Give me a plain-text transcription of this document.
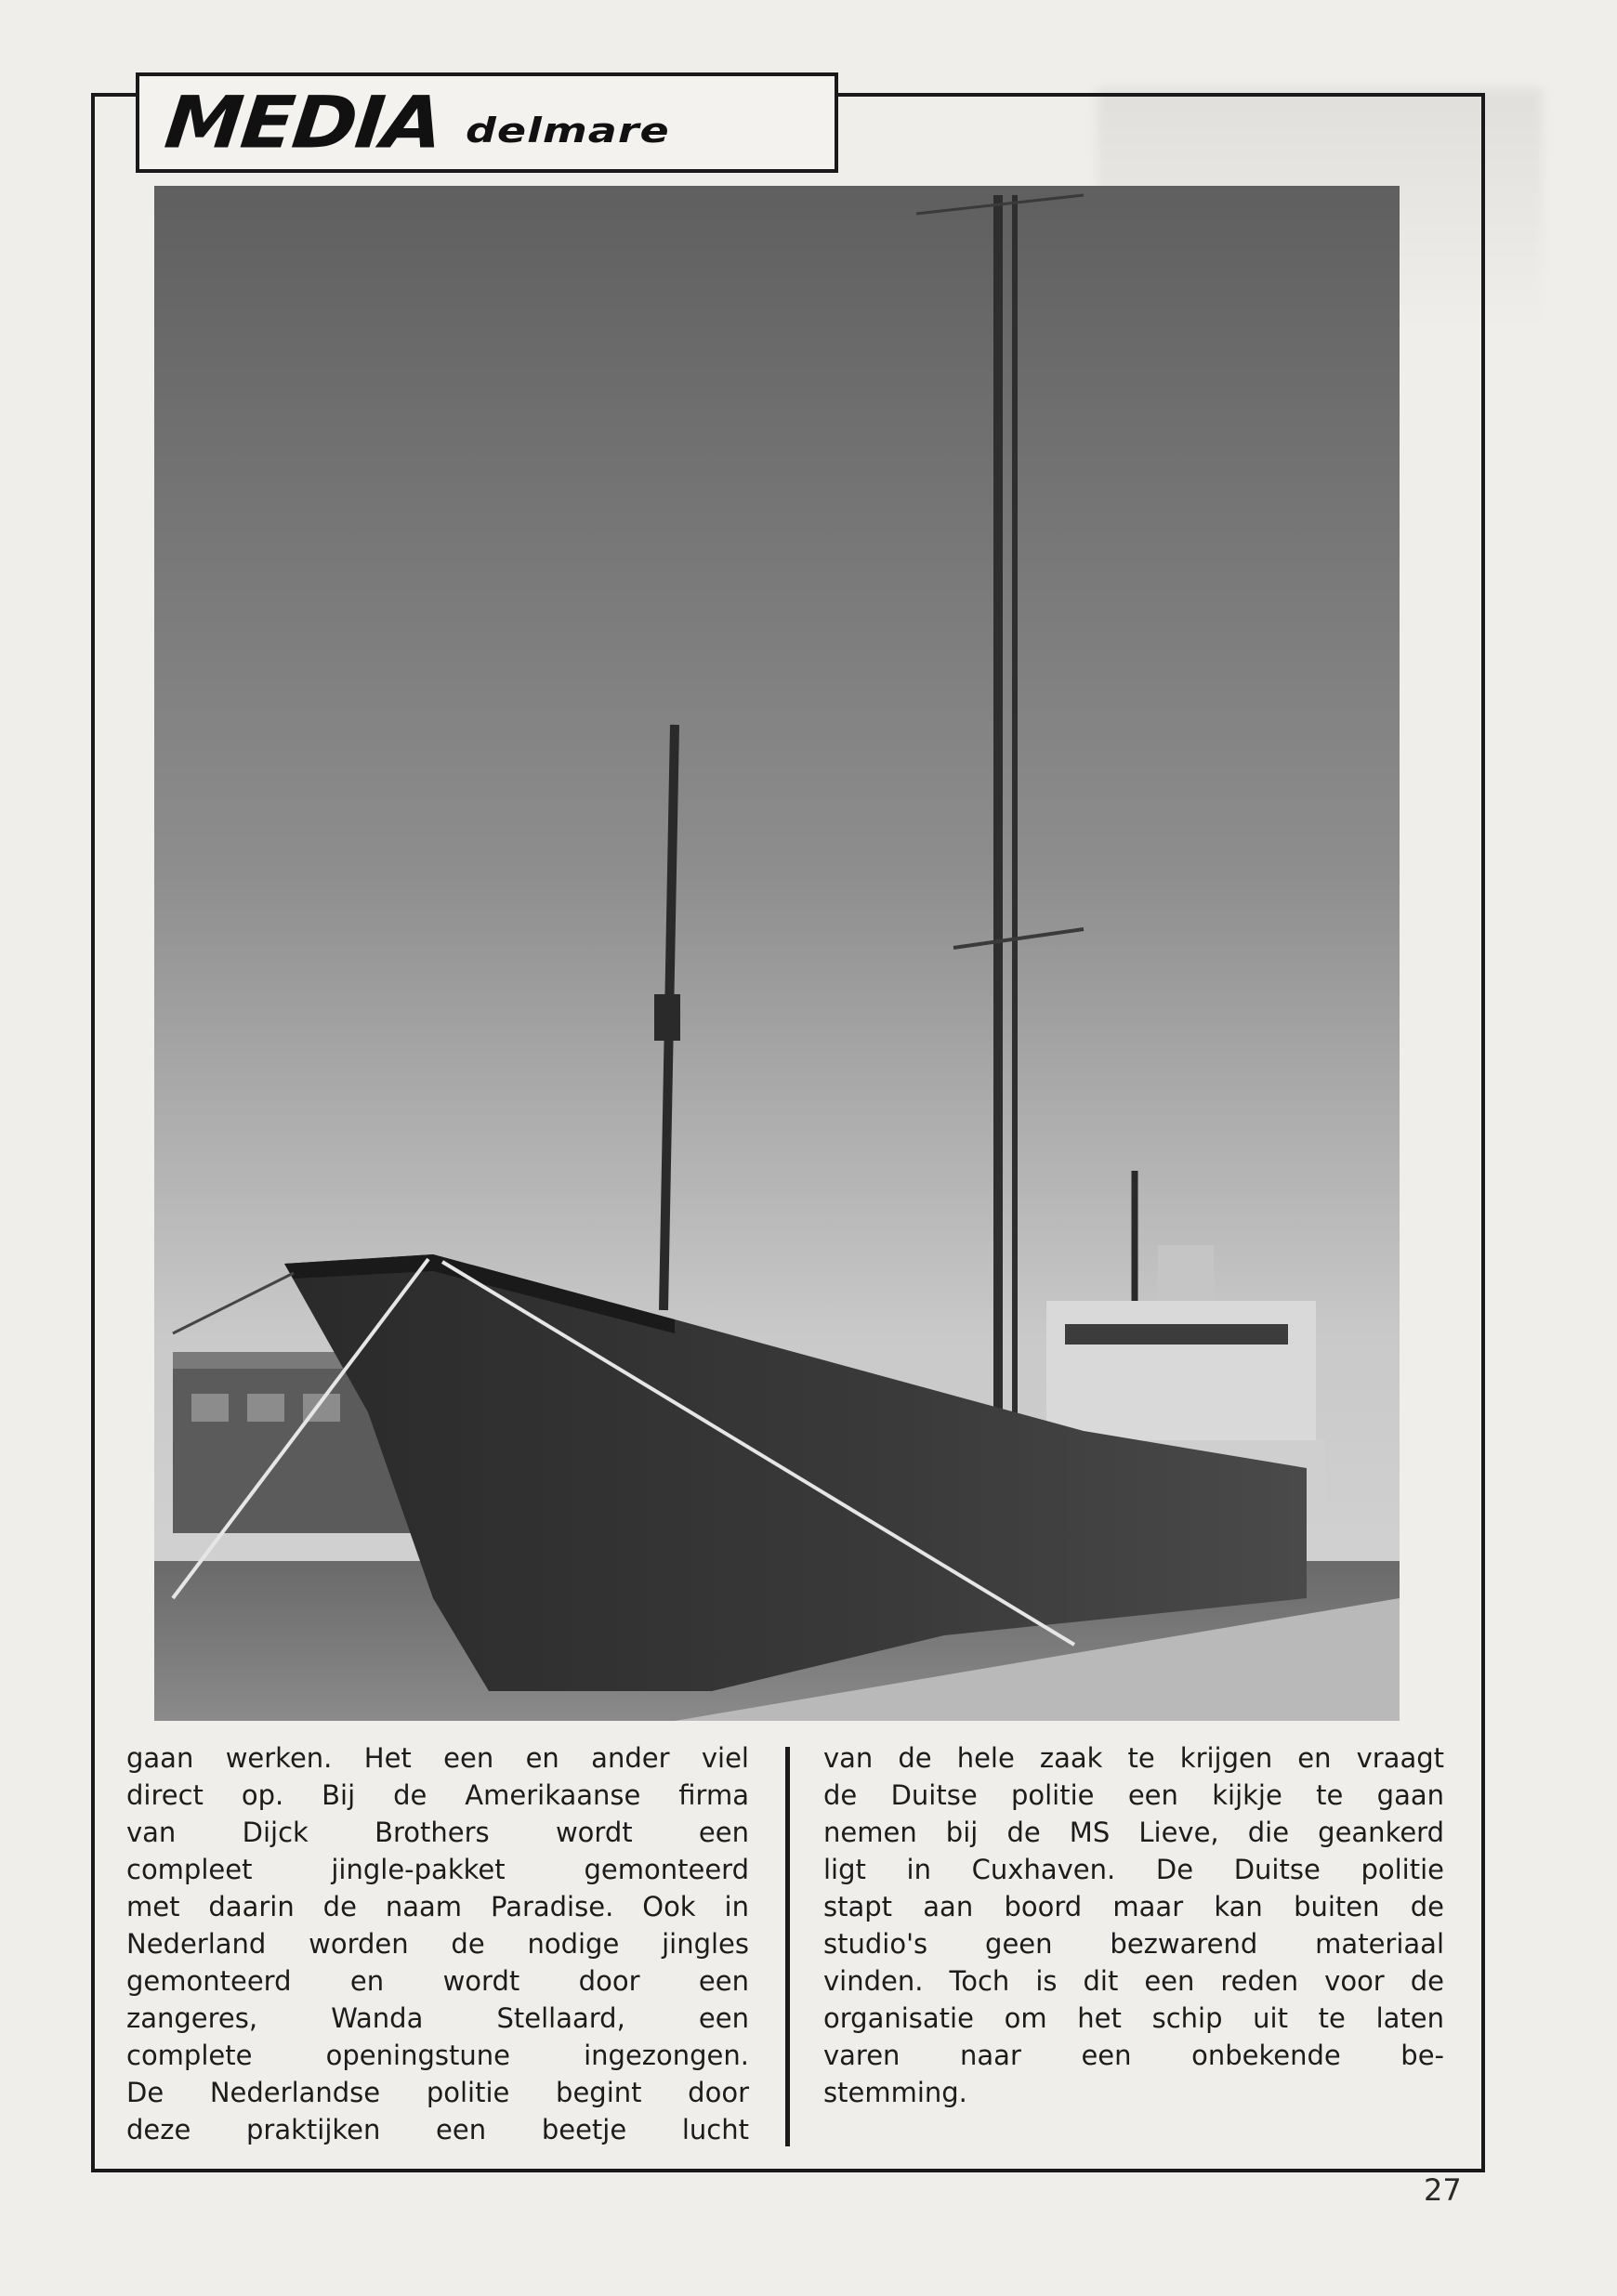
MEDIA delmare
gaan werken. Het een en ander viel
direct op. Bij de Amerikaanse firma
van Dijck Brothers wordt een
compleet jingle-pakket gemonteerd
met daarin de naam Paradise. Ook in
Nederland worden de nodige jingles
gemonteerd en wordt door een
zangeres, Wanda Stellaard, een
complete openingstune ingezongen.
De Nederlandse politie begint door
deze praktijken een beetje lucht
van de hele zaak te krijgen en vraagt
de Duitse politie een kijkje te gaan
nemen bij de MS Lieve, die geankerd
ligt in Cuxhaven. De Duitse politie
stapt aan boord maar kan buiten de
studio's geen bezwarend materiaal
vinden. Toch is dit een reden voor de
organisatie om het schip uit te laten
varen naar een onbekende be-
stemming.
27
